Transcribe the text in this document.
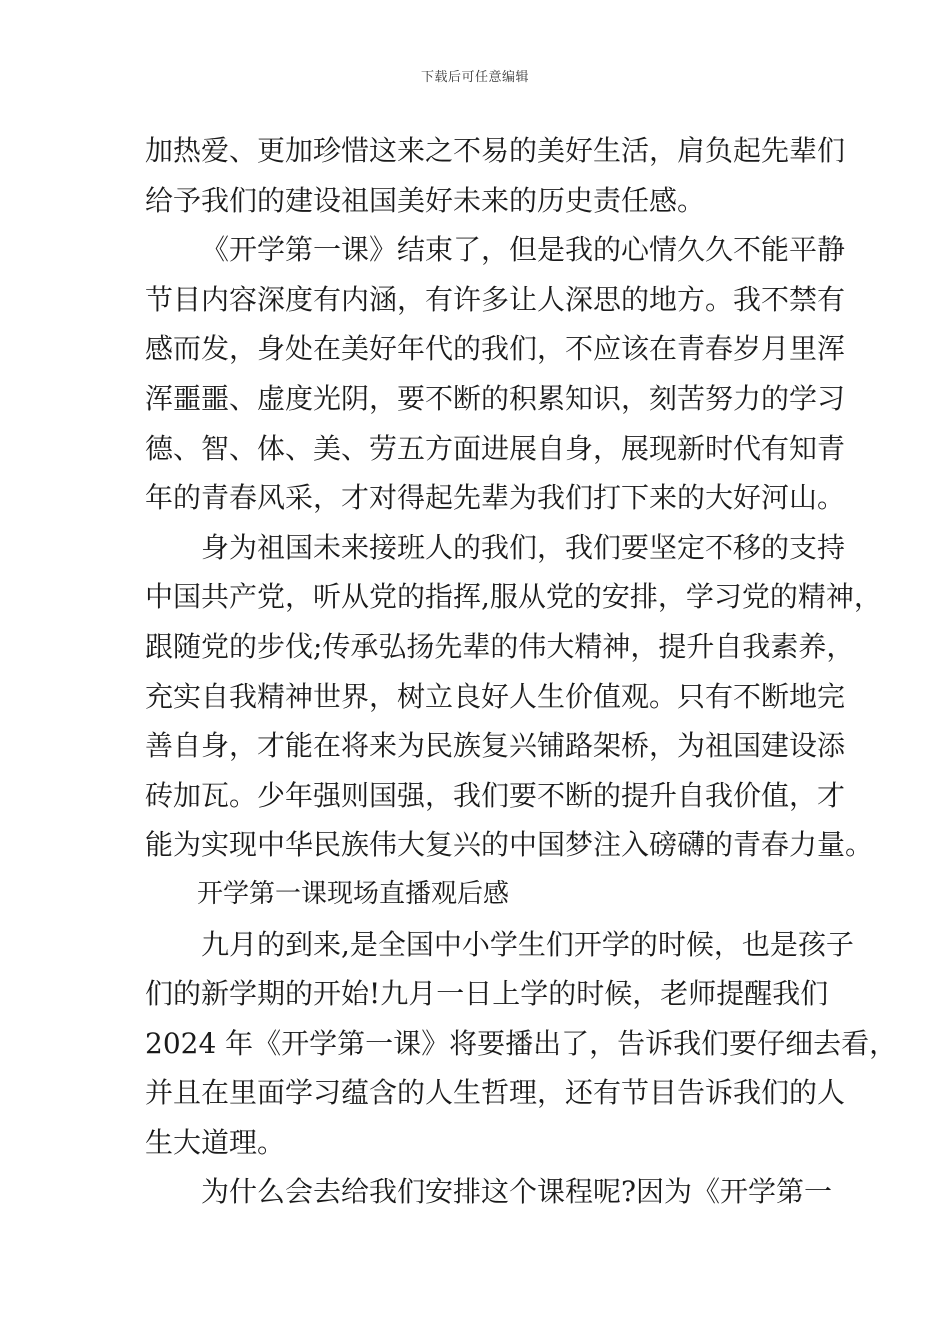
下载后可任意编辑
加热爱、更加珍惜这来之不易的美好生活，肩负起先辈们
给予我们的建设祖国美好未来的历史责任感。
《开学第一课》结束了，但是我的心情久久不能平静
节目内容深度有内涵，有许多让人深思的地方。我不禁有
感而发，身处在美好年代的我们，不应该在青春岁月里浑
浑噩噩、虚度光阴，要不断的积累知识，刻苦努力的学习
德、智、体、美、劳五方面进展自身，展现新时代有知青
年的青春风采，才对得起先辈为我们打下来的大好河山。
身为祖国未来接班人的我们，我们要坚定不移的支持
中国共产党，听从党的指挥,服从党的安排，学习党的精神，
跟随党的步伐;传承弘扬先辈的伟大精神，提升自我素养，
充实自我精神世界，树立良好人生价值观。只有不断地完
善自身，才能在将来为民族复兴铺路架桥，为祖国建设添
砖加瓦。少年强则国强，我们要不断的提升自我价值，才
能为实现中华民族伟大复兴的中国梦注入磅礴的青春力量。
开学第一课现场直播观后感
九月的到来,是全国中小学生们开学的时候，也是孩子
们的新学期的开始!九月一日上学的时候，老师提醒我们
2024 年《开学第一课》将要播出了，告诉我们要仔细去看，
并且在里面学习蕴含的人生哲理，还有节目告诉我们的人
生大道理。
为什么会去给我们安排这个课程呢?因为《开学第一
